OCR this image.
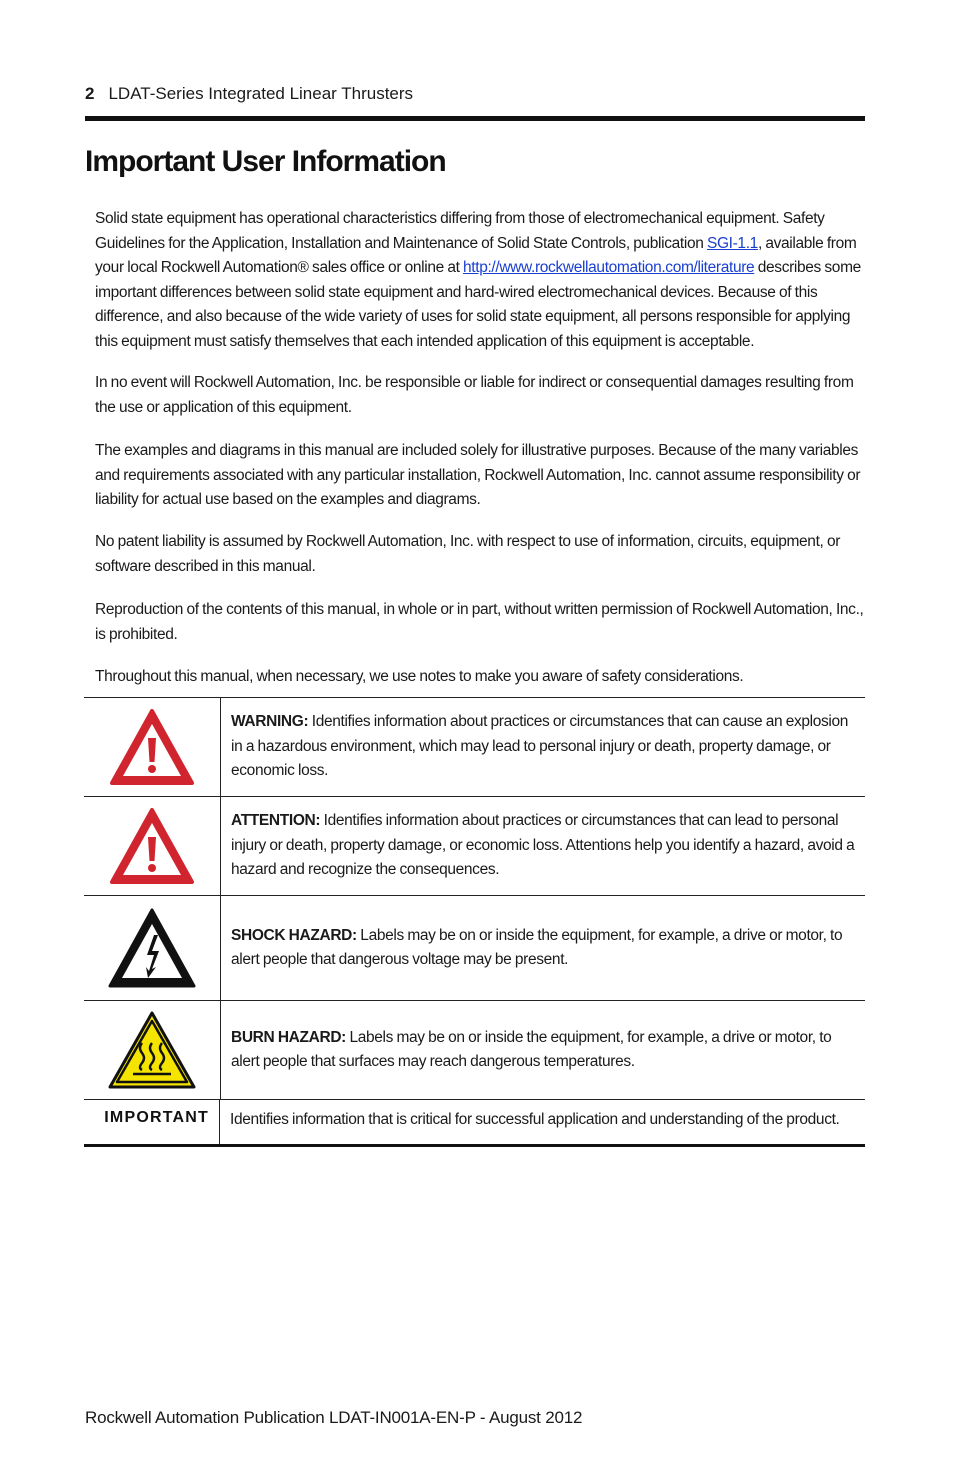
2 LDAT-Series Integrated Linear Thrusters
Important User Information
Solid state equipment has operational characteristics differing from those of electromechanical equipment. Safety Guidelines for the Application, Installation and Maintenance of Solid State Controls, publication SGI-1.1, available from your local Rockwell Automation® sales office or online at http://www.rockwellautomation.com/literature describes some important differences between solid state equipment and hard-wired electromechanical devices. Because of this difference, and also because of the wide variety of uses for solid state equipment, all persons responsible for applying this equipment must satisfy themselves that each intended application of this equipment is acceptable.
In no event will Rockwell Automation, Inc. be responsible or liable for indirect or consequential damages resulting from the use or application of this equipment.
The examples and diagrams in this manual are included solely for illustrative purposes. Because of the many variables and requirements associated with any particular installation, Rockwell Automation, Inc. cannot assume responsibility or liability for actual use based on the examples and diagrams.
No patent liability is assumed by Rockwell Automation, Inc. with respect to use of information, circuits, equipment, or software described in this manual.
Reproduction of the contents of this manual, in whole or in part, without written permission of Rockwell Automation, Inc., is prohibited.
Throughout this manual, when necessary, we use notes to make you aware of safety considerations.
WARNING: Identifies information about practices or circumstances that can cause an explosion in a hazardous environment, which may lead to personal injury or death, property damage, or economic loss.
ATTENTION: Identifies information about practices or circumstances that can lead to personal injury or death, property damage, or economic loss. Attentions help you identify a hazard, avoid a hazard and recognize the consequences.
SHOCK HAZARD: Labels may be on or inside the equipment, for example, a drive or motor, to alert people that dangerous voltage may be present.
BURN HAZARD: Labels may be on or inside the equipment, for example, a drive or motor, to alert people that surfaces may reach dangerous temperatures.
IMPORTANT	Identifies information that is critical for successful application and understanding of the product.
Rockwell Automation Publication LDAT-IN001A-EN-P - August 2012
